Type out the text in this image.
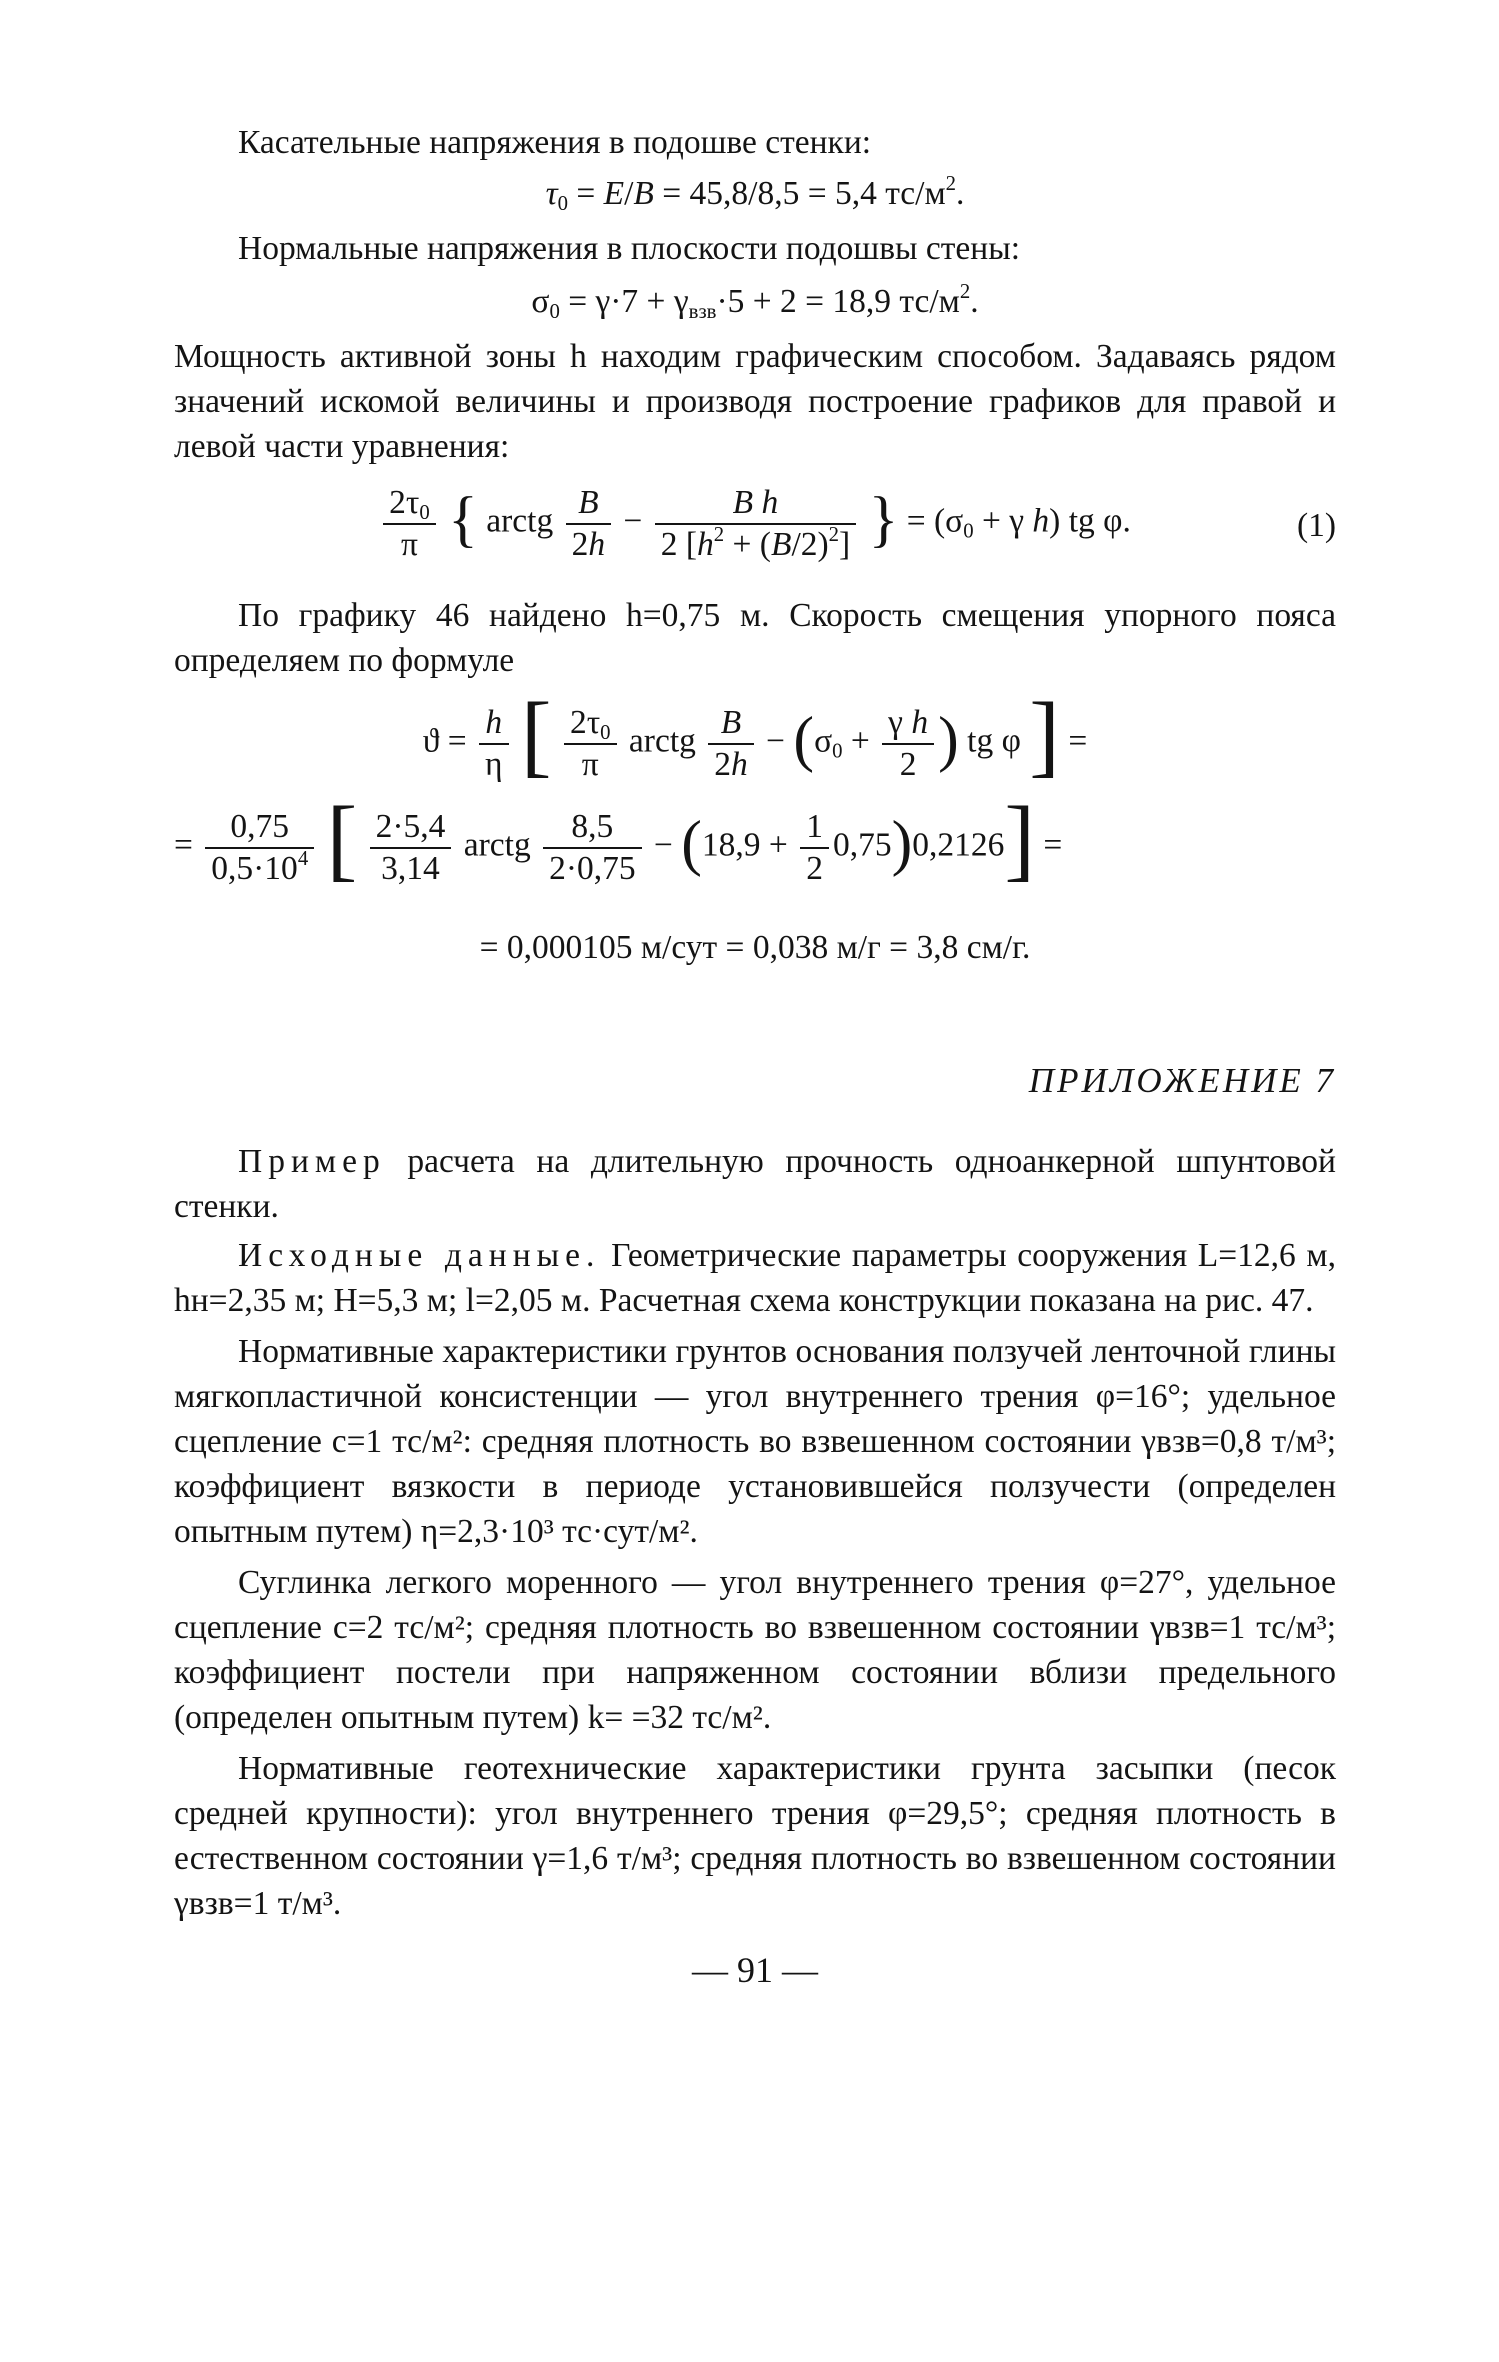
Касательные напряжения в подошве стенки:

$\tau_0 = E/B = 45,8/8,5 = 5,4$ $тс/м^2$.

Нормальные напряжения в плоскости подошвы стены:

$\sigma_0 = \gamma\cdot 7 + \gamma_{взв}\cdot 5 + 2 = 18,9$ $тс/м^2$.

Мощность активной зоны h находим графическим способом. Задаваясь рядом значений искомой величины и производя построение графиков для правой и левой части уравнения:

$\frac{2\tau_0}{\pi}$ { arctg $\frac{B}{2h} - \frac{\text{B h}}{2 [h^2 + (B/2)^2]}$ } = ($\sigma_0 + \gamma$ h) tg φ.	(1)

По графику 46 найдено h=0,75 м. Скорость смещения упорного пояса определяем по формуле

$ϑ = \frac{h}{\eta}$ [ $\frac{2\tau_0}{\pi}$ arctg $\frac{B}{2h} - (\sigma_0 + \frac{\text{γ h}}{2}$ ) tg φ ] =
= $\frac{0,75}{0,5\cdot 10^4}$ [ $\frac{2\cdot 5,4}{3,14}$ arctg $\frac{8,5}{2\cdot 0,75} - (18,9 + \frac{1}{2} 0,75)0,2126$] =

= 0,000105 м/сут = 0,038 м/г = 3,8 см/г.

ПРИЛОЖЕНИЕ 7

Пример расчета на длительную прочность одноанкерной шпунтовой стенки.

Исходные данные. Геометрические параметры сооружения L=12,6 м, hн=2,35 м; H=5,3 м; l=2,05 м. Расчетная схема конструкции показана на рис. 47.

Нормативные характеристики грунтов основания ползучей ленточной глины мягкопластичной консистенции — угол внутреннего трения φ=16°; удельное сцепление c=1 тс/м²: средняя плотность во взвешенном состоянии γвзв=0,8 т/м³; коэффициент вязкости в периоде установившейся ползучести (определен опытным путем) η=2,3·10³ тс·сут/м².

Суглинка легкого моренного — угол внутреннего трения φ=27°, удельное сцепление c=2 тс/м²; средняя плотность во взвешенном состоянии γвзв=1 тс/м³; коэффициент постели при напряженном состоянии вблизи предельного (определен опытным путем) k= =32 тс/м².

Нормативные геотехнические характеристики грунта засыпки (песок средней крупности): угол внутреннего трения φ=29,5°; средняя плотность в естественном состоянии γ=1,6 т/м³; средняя плотность во взвешенном состоянии γвзв=1 т/м³.

— 91 —
